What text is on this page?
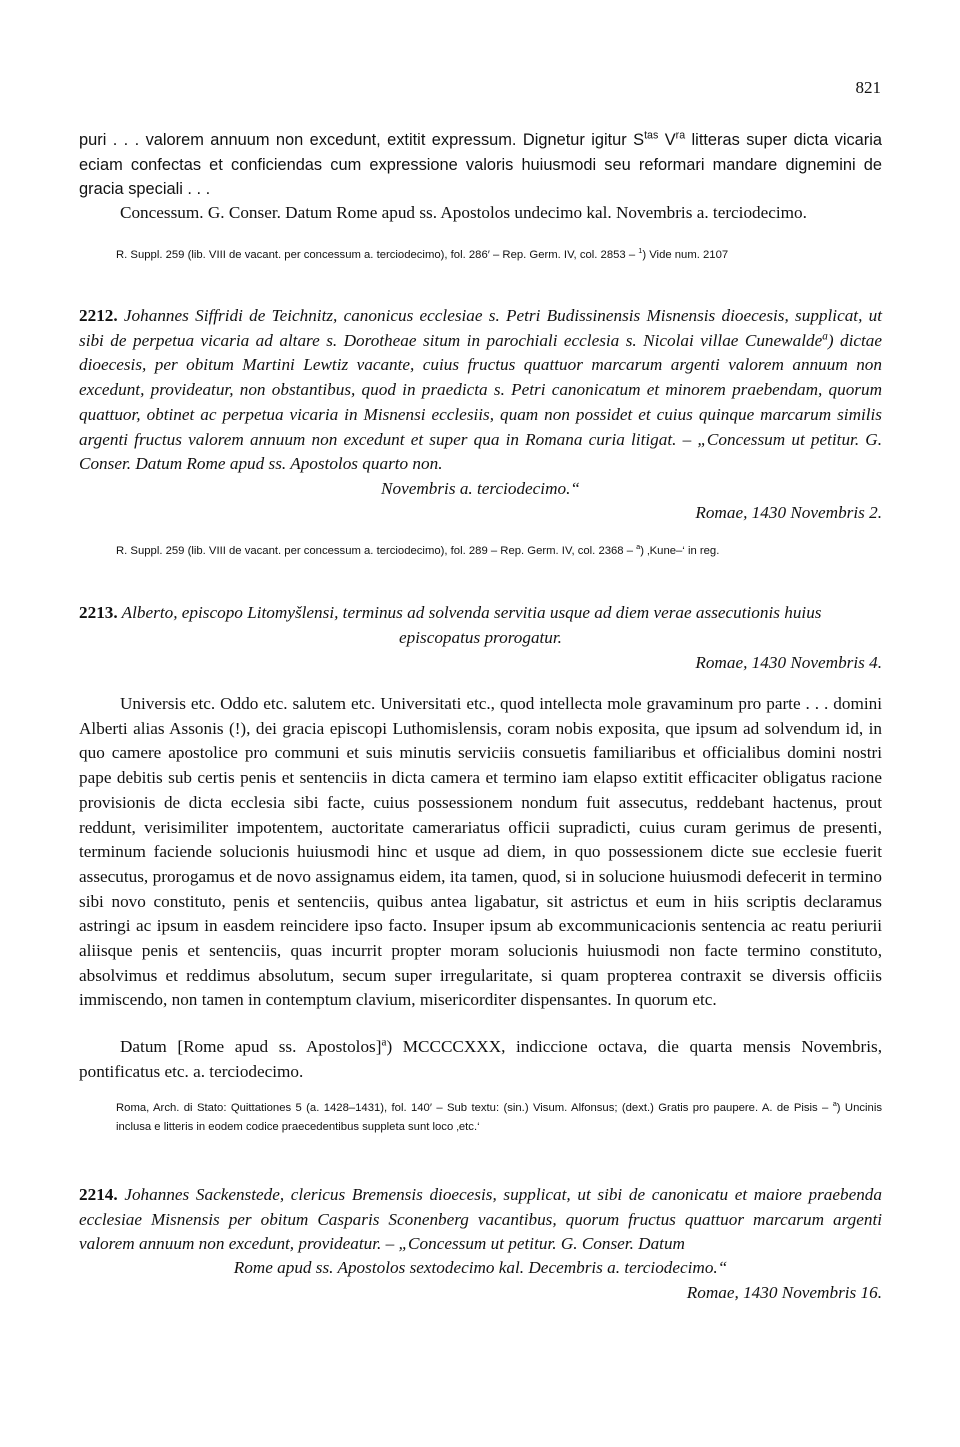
821
puri . . . valorem annuum non excedunt, extitit expressum. Dignetur igitur $S^{tas}$ $V^{ra}$ litteras super dicta vicaria eciam confectas et conficiendas cum expressione valoris huiusmodi seu reformari mandare dignemini de gracia speciali . . .
Concessum. G. Conser. Datum Rome apud ss. Apostolos undecimo kal. Novembris a. terciodecimo.
R. Suppl. 259 (lib. VIII de vacant. per concessum a. terciodecimo), fol. 286′ – Rep. Germ. IV, col. 2853 – $^1$) Vide num. 2107
2212. Johannes Siffridi de Teichnitz, canonicus ecclesiae s. Petri Budissinensis Misnensis dioecesis, supplicat, ut sibi de perpetua vicaria ad altare s. Dorotheae situm in parochiali ecclesia s. Nicolai villae Cunewalde$^a$) dictae dioecesis, per obitum Martini Lewtiz vacante, cuius fructus quattuor marcarum argenti valorem annuum non excedunt, provideatur, non obstantibus, quod in praedicta s. Petri canonicatum et minorem praebendam, quorum quattuor, obtinet ac perpetua vicaria in Misnensi ecclesiis, quam non possidet et cuius quinque marcarum similis argenti fructus valorem annuum non excedunt et super qua in Romana curia litigat. – „Concessum ut petitur. G. Conser. Datum Rome apud ss. Apostolos quarto non.
Novembris a. terciodecimo.“
Romae, 1430 Novembris 2.
R. Suppl. 259 (lib. VIII de vacant. per concessum a. terciodecimo), fol. 289 – Rep. Germ. IV, col. 2368 – $^a$) ‚Kune–‘ in reg.
2213. Alberto, episcopo Litomyšlensi, terminus ad solvenda servitia usque ad diem verae assecutionis huius
episcopatus prorogatur.
Romae, 1430 Novembris 4.
Universis etc. Oddo etc. salutem etc. Universitati etc., quod intellecta mole gravaminum pro parte . . . domini Alberti alias Assonis (!), dei gracia episcopi Luthomislensis, coram nobis exposita, que ipsum ad solvendum id, in quo camere apostolice pro communi et suis minutis serviciis consuetis familiaribus et officialibus domini nostri pape debitis sub certis penis et sentenciis in dicta camera et termino iam elapso extitit efficaciter obligatus racione provisionis de dicta ecclesia sibi facte, cuius possessionem nondum fuit assecutus, reddebant hactenus, prout reddunt, verisimiliter impotentem, auctoritate camerariatus officii supradicti, cuius curam gerimus de presenti, terminum faciende solucionis huiusmodi hinc et usque ad diem, in quo possessionem dicte sue ecclesie fuerit assecutus, prorogamus et de novo assignamus eidem, ita tamen, quod, si in solucione huiusmodi defecerit in termino sibi novo constituto, penis et sentenciis, quibus antea ligabatur, sit astrictus et eum in hiis scriptis declaramus astringi ac ipsum in easdem reincidere ipso facto. Insuper ipsum ab excommunicacionis sentencia ac reatu periurii aliisque penis et sentenciis, quas incurrit propter moram solucionis huiusmodi non facte termino constituto, absolvimus et reddimus absolutum, secum super irregularitate, si quam propterea contraxit se diversis officiis immiscendo, non tamen in contemptum clavium, misericorditer dispensantes. In quorum etc.
Datum [Rome apud ss. Apostolos]$^a$) MCCCCXXX, indiccione octava, die quarta mensis Novembris, pontificatus etc. a. terciodecimo.
Roma, Arch. di Stato: Quittationes 5 (a. 1428–1431), fol. 140′ – Sub textu: (sin.) Visum. Alfonsus; (dext.) Gratis pro paupere. A. de Pisis – $^a$) Uncinis inclusa e litteris in eodem codice praecedentibus suppleta sunt loco ‚etc.‘
2214. Johannes Sackenstede, clericus Bremensis dioecesis, supplicat, ut sibi de canonicatu et maiore praebenda ecclesiae Misnensis per obitum Casparis Sconenberg vacantibus, quorum fructus quattuor marcarum argenti valorem annuum non excedunt, provideatur. – „Concessum ut petitur. G. Conser. Datum
Rome apud ss. Apostolos sextodecimo kal. Decembris a. terciodecimo.“
Romae, 1430 Novembris 16.
